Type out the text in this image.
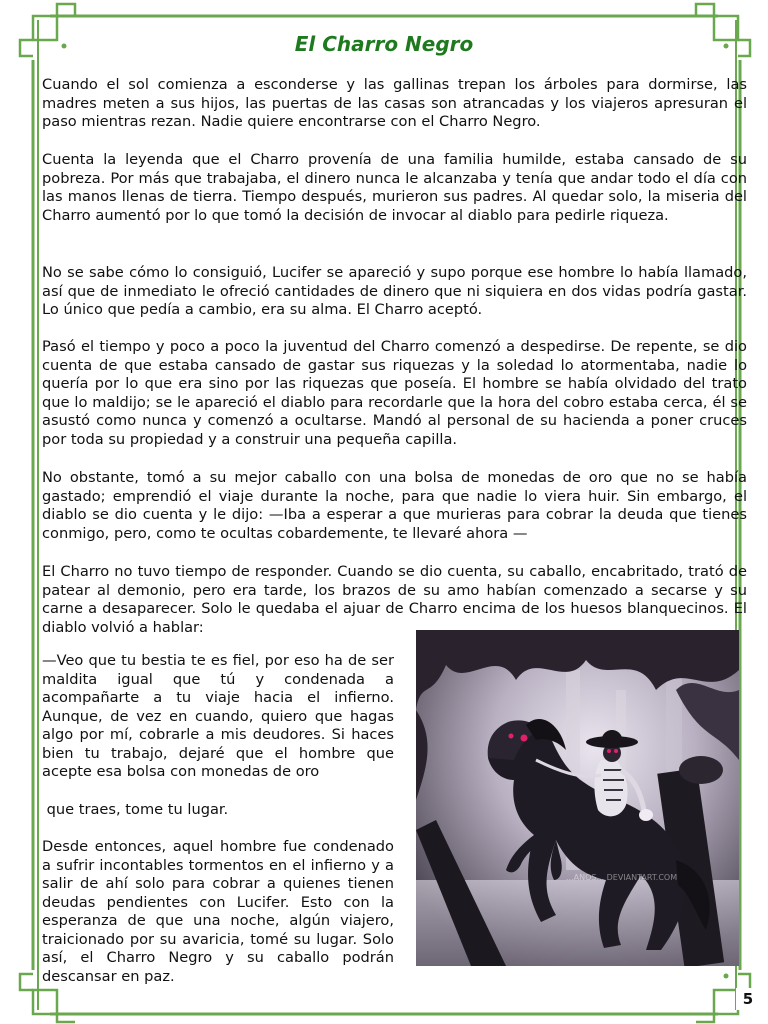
El Charro Negro

Cuando el sol comienza a esconderse y las gallinas trepan los árboles para dormirse, las madres meten a sus hijos, las puertas de las casas son atrancadas y los viajeros apresuran el paso mientras rezan. Nadie quiere encontrarse con el Charro Negro.

Cuenta la leyenda que el Charro provenía de una familia humilde, estaba cansado de su pobreza. Por más que trabajaba, el dinero nunca le alcanzaba y tenía que andar todo el día con las manos llenas de tierra. Tiempo después, murieron sus padres. Al quedar solo, la miseria del Charro aumentó por lo que tomó la decisión de invocar al diablo para pedirle riqueza.

No se sabe cómo lo consiguió, Lucifer se apareció y supo porque ese hombre lo había llamado, así que de inmediato le ofreció cantidades de dinero que ni siquiera en dos vidas podría gastar. Lo único que pedía a cambio, era su alma. El Charro aceptó.

Pasó el tiempo y poco a poco la juventud del Charro comenzó a despedirse. De repente, se dio cuenta de que estaba cansado de gastar sus riquezas y la soledad lo atormentaba, nadie lo quería por lo que era sino por las riquezas que poseía. El hombre se había olvidado del trato que lo maldijo; se le apareció el diablo para recordarle que la hora del cobro estaba cerca, él se asustó como nunca y comenzó a ocultarse. Mandó al personal de su hacienda a poner cruces por toda su propiedad y a construir una pequeña capilla.

No obstante, tomó a su mejor caballo con una bolsa de monedas de oro que no se había gastado; emprendió el viaje durante la noche, para que nadie lo viera huir. Sin embargo, el diablo se dio cuenta y le dijo: —Iba a esperar a que murieras para cobrar la deuda que tienes conmigo, pero, como te ocultas cobardemente, te llevaré ahora —

El Charro no tuvo tiempo de responder. Cuando se dio cuenta, su caballo, encabritado, trató de patear al demonio, pero era tarde, los brazos de su amo habían comenzado a secarse y su carne a desaparecer. Solo le quedaba el ajuar de Charro encima de los huesos blanquecinos. El diablo volvió a hablar:

—Veo que tu bestia te es fiel, por eso ha de ser maldita igual que tú y condenada a acompañarte a tu viaje hacia el infierno. Aunque, de vez en cuando, quiero que hagas algo por mí, cobrarle a mis deudores. Si haces bien tu trabajo, dejaré que el hombre que acepte esa bolsa con monedas de oro

que traes, tome tu lugar.

Desde entonces, aquel hombre fue condenado a sufrir incontables tormentos en el infierno y a salir de ahí solo para cobrar a quienes tienen deudas pendientes con Lucifer. Esto con la esperanza de que una noche, algún viajero, traicionado por su avaricia, tomé su lugar. Solo así, el Charro Negro y su caballo podrán descansar en paz.

...ANOS... DEVIANTART.COM
5
